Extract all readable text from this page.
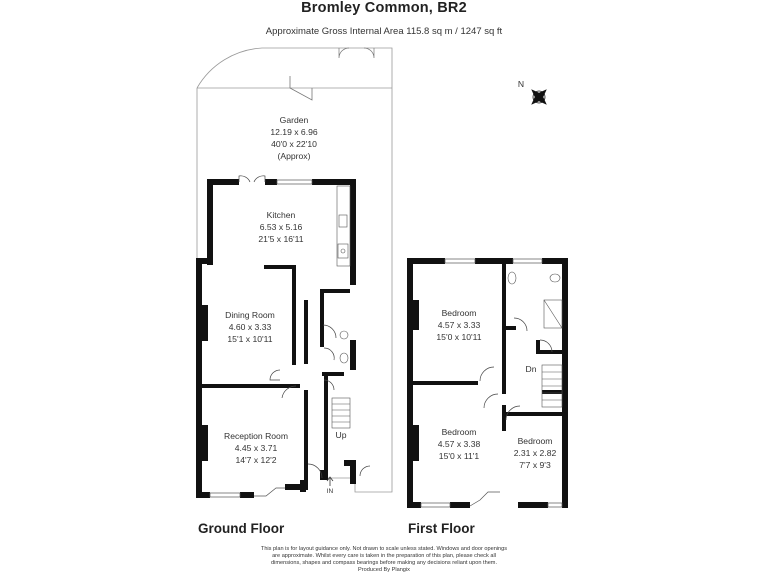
Bromley Common, BR2
Approximate Gross Internal Area 115.8 sq m / 1247 sq ft
N
Garden
12.19 x 6.96
40'0 x 22'10
(Approx)
Kitchen
6.53 x 5.16
21'5 x 16'11
Dining Room
4.60 x 3.33
15'1 x 10'11
Reception Room
4.45 x 3.71
14'7 x 12'2
Bedroom
4.57 x 3.33
15'0 x 10'11
Bedroom
4.57 x 3.38
15'0 x 11'1
Bedroom
2.31 x 2.82
7'7 x 9'3
Up
Dn
IN
Ground Floor	First Floor
This plan is for layout guidance only. Not drawn to scale unless stated. Windows and door openings
are approximate. Whilst every care is taken in the preparation of this plan, please check all
dimensions, shapes and compass bearings before making any decisions reliant upon them.
Produced By Plangix
